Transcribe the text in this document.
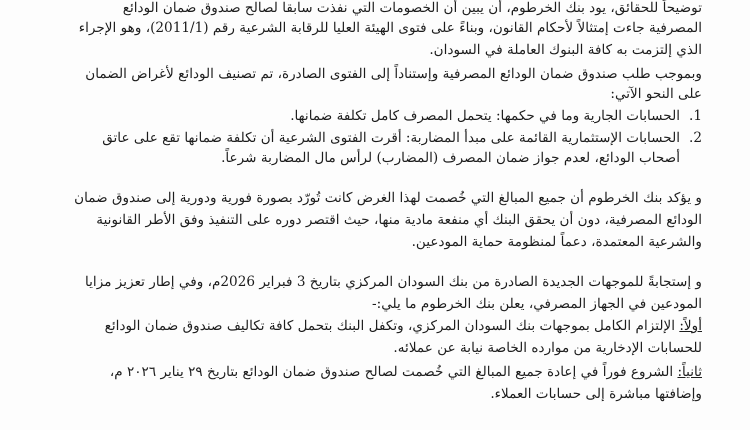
توضيحاً للحقائق، يود بنك الخرطوم، أن يبين أن الخصومات التي نفذت سابقا لصالح صندوق ضمان الودائع
المصرفية جاءت إمتثالاً لأحكام القانون، وبناءً على فتوى الهيئة العليا للرقابة الشرعية رقم (2011/1)، وهو الإجراء
الذي إلتزمت به كافة البنوك العاملة في السودان.
وبموجب طلب صندوق ضمان الودائع المصرفية وإستناداً إلى الفتوى الصادرة، تم تصنيف الودائع لأغراض الضمان
على النحو الآتي:
1.
الحسابات الجارية وما في حكمها: يتحمل المصرف كامل تكلفة ضمانها.
2.
الحسابات الإستثمارية القائمة على مبدأ المضاربة: أقرت الفتوى الشرعية أن تكلفة ضمانها تقع على عاتق
أصحاب الودائع، لعدم جواز ضمان المصرف (المضارب) لرأس مال المضاربة شرعاً.
و يؤكد بنك الخرطوم أن جميع المبالغ التي خُصمت لهذا الغرض كانت تُورّد بصورة فورية ودورية إلى صندوق ضمان
الودائع المصرفية، دون أن يحقق البنك أي منفعة مادية منها، حيث اقتصر دوره على التنفيذ وفق الأطر القانونية
والشرعية المعتمدة، دعماً لمنظومة حماية المودعين.
و إستجابةً للموجهات الجديدة الصادرة من بنك السودان المركزي بتاريخ 3 فبراير 2026م، وفي إطار تعزيز مزايا
المودعين في الجهاز المصرفي، يعلن بنك الخرطوم ما يلي:-
أولاً: الإلتزام الكامل بموجهات بنك السودان المركزي، وتكفل البنك بتحمل كافة تكاليف صندوق ضمان الودائع
للحسابات الإدخارية من موارده الخاصة نيابة عن عملائه.
ثانياً: الشروع فوراً في إعادة جميع المبالغ التي خُصمت لصالح صندوق ضمان الودائع بتاريخ ٢٩ يناير ٢٠٢٦ م،
وإضافتها مباشرة إلى حسابات العملاء.
